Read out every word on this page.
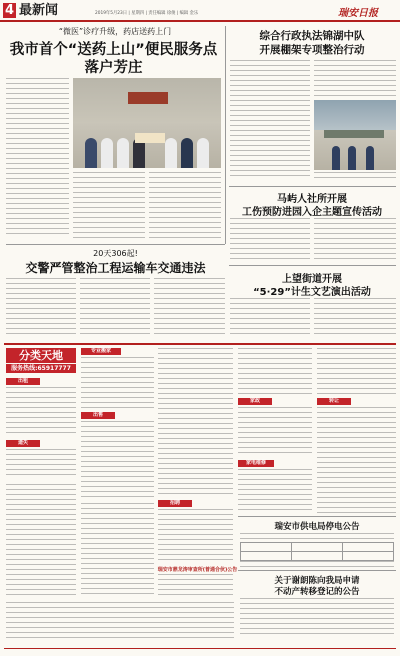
4 最新闻	2019年5月23日 | 星期四 | 责任编辑 徐俊 | 编辑 金乐	瑞安日报
“微医”诊疗升级，药店送药上门
我市首个“送药上山”便民服务点
落户芳庄
综合行政执法锦湖中队
开展棚架专项整治行动
马屿人社所开展
工伤预防进园入企主题宣传活动
上望街道开展
“5·29”计生文艺演出活动
20天306起!
交警严管整治工程运输车交通违法
分类天地
服务热线:65917777
出租
遗失
专业搬家
出售
招聘
瑞安市鼎龙涛审查所(普通合伙)公告
家政
家电维修
转让
瑞安市供电局停电公告

关于谢朗陈向我局申请
不动产转移登记的公告
